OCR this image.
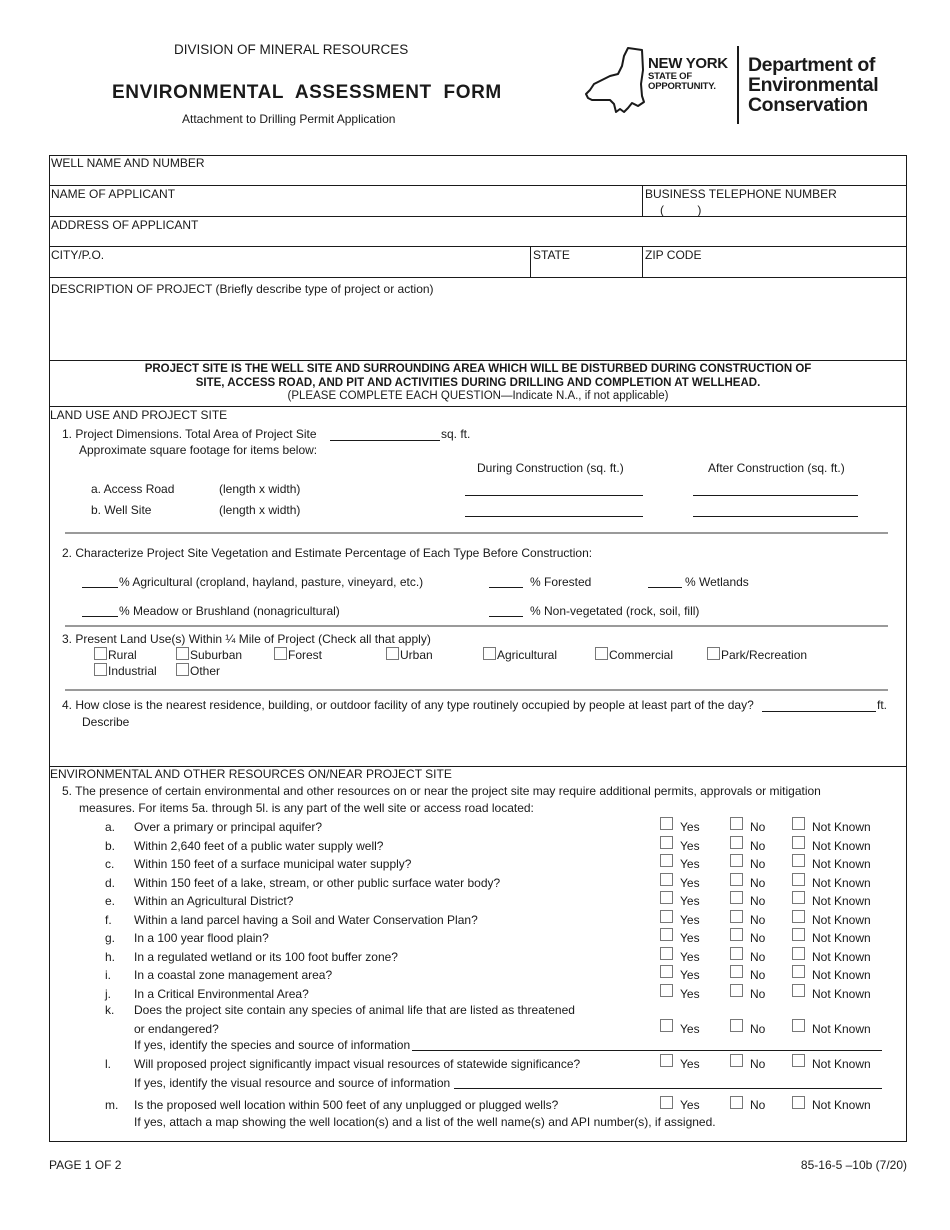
DIVISION OF MINERAL RESOURCES
ENVIRONMENTAL  ASSESSMENT  FORM
Attachment to Drilling Permit Application
NEW YORK
STATE OF
OPPORTUNITY.
Department of
Environmental
Conservation
WELL NAME AND NUMBER
NAME OF APPLICANT	BUSINESS TELEPHONE NUMBER
(          )
ADDRESS OF APPLICANT
CITY/P.O.	STATE	ZIP CODE
DESCRIPTION OF PROJECT (Briefly describe type of project or action)
PROJECT SITE IS THE WELL SITE AND SURROUNDING AREA WHICH WILL BE DISTURBED DURING CONSTRUCTION OF
SITE, ACCESS ROAD, AND PIT AND ACTIVITIES DURING DRILLING AND COMPLETION AT WELLHEAD.
(PLEASE COMPLETE EACH QUESTION—Indicate N.A., if not applicable)
LAND USE AND PROJECT SITE
1. Project Dimensions. Total Area of Project Site	sq. ft.
Approximate square footage for items below:
During Construction (sq. ft.)	After Construction (sq. ft.)
a. Access Road	(length x width)
b. Well Site	(length x width)
2. Characterize Project Site Vegetation and Estimate Percentage of Each Type Before Construction:
% Agricultural (cropland, hayland, pasture, vineyard, etc.)	% Forested	% Wetlands
% Meadow or Brushland (nonagricultural)	% Non-vegetated (rock, soil, fill)
3. Present Land Use(s) Within ¼ Mile of Project (Check all that apply)
Rural	Suburban	Forest	Urban	Agricultural	Commercial	Park/Recreation
Industrial	Other
4. How close is the nearest residence, building, or outdoor facility of any type routinely occupied by people at least part of the day?	ft.
Describe
ENVIRONMENTAL AND OTHER RESOURCES ON/NEAR PROJECT SITE
5. The presence of certain environmental and other resources on or near the project site may require additional permits, approvals or mitigation
measures. For items 5a. through 5l. is any part of the well site or access road located:
a. Over a primary or principal aquifer?	Yes	No	Not Known
b. Within 2,640 feet of a public water supply well?	Yes	No	Not Known
c. Within 150 feet of a surface municipal water supply?	Yes	No	Not Known
d. Within 150 feet of a lake, stream, or other public surface water body?	Yes	No	Not Known
e. Within an Agricultural District?	Yes	No	Not Known
f. Within a land parcel having a Soil and Water Conservation Plan?	Yes	No	Not Known
g. In a 100 year flood plain?	Yes	No	Not Known
h. In a regulated wetland or its 100 foot buffer zone?	Yes	No	Not Known
i. In a coastal zone management area?	Yes	No	Not Known
j. In a Critical Environmental Area?	Yes	No	Not Known
k. Does the project site contain any species of animal life that are listed as threatened
or endangered?	Yes	No	Not Known
If yes, identify the species and source of information
l. Will proposed project significantly impact visual resources of statewide significance?	Yes	No	Not Known
If yes, identify the visual resource and source of information
m. Is the proposed well location within 500 feet of any unplugged or plugged wells?	Yes	No	Not Known
If yes, attach a map showing the well location(s) and a list of the well name(s) and API number(s), if assigned.
PAGE 1 OF 2	85-16-5 –10b (7/20)
